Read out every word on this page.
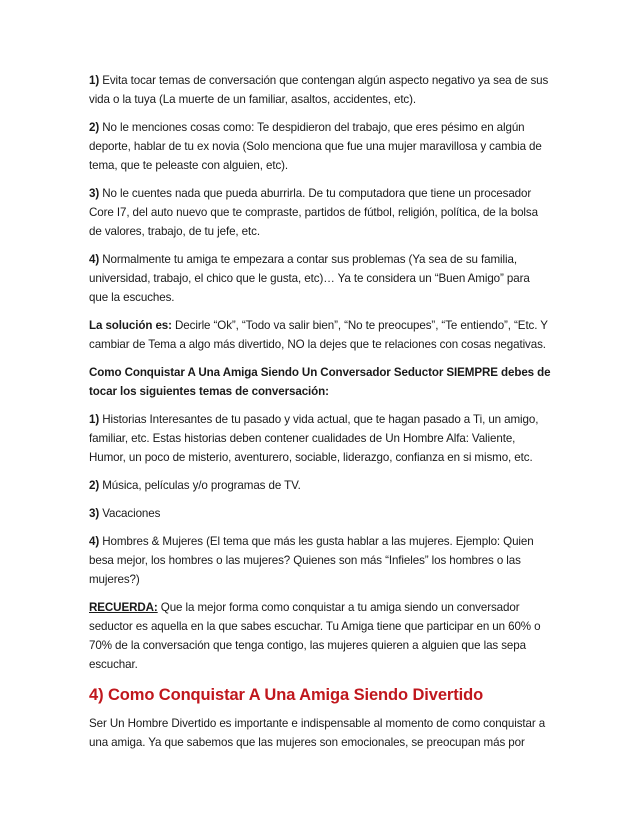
1) Evita tocar temas de conversación que contengan algún aspecto negativo ya sea de sus vida o la tuya (La muerte de un familiar, asaltos, accidentes, etc).

2) No le menciones cosas como: Te despidieron del trabajo, que eres pésimo en algún deporte, hablar de tu ex novia (Solo menciona que fue una mujer maravillosa y cambia de tema, que te peleaste con alguien, etc).

3) No le cuentes nada que pueda aburrirla. De tu computadora que tiene un procesador Core I7, del auto nuevo que te compraste, partidos de fútbol, religión, política, de la bolsa de valores, trabajo, de tu jefe, etc.

4) Normalmente tu amiga te empezara a contar sus problemas (Ya sea de su familia, universidad, trabajo, el chico que le gusta, etc)… Ya te considera un “Buen Amigo” para que la escuches.

La solución es: Decirle “Ok”, “Todo va salir bien”, “No te preocupes”, “Te entiendo”, “Etc. Y cambiar de Tema a algo más divertido, NO la dejes que te relaciones con cosas negativas.

Como Conquistar A Una Amiga Siendo Un Conversador Seductor SIEMPRE debes de tocar los siguientes temas de conversación:

1) Historias Interesantes de tu pasado y vida actual, que te hagan pasado a Ti, un amigo, familiar, etc. Estas historias deben contener cualidades de Un Hombre Alfa: Valiente, Humor, un poco de misterio, aventurero, sociable, liderazgo, confianza en si mismo, etc.

2) Música, películas y/o programas de TV.

3) Vacaciones

4) Hombres & Mujeres (El tema que más les gusta hablar a las mujeres. Ejemplo: Quien besa mejor, los hombres o las mujeres? Quienes son más “Infieles” los hombres o las mujeres?)

RECUERDA: Que la mejor forma como conquistar a tu amiga siendo un conversador seductor es aquella en la que sabes escuchar. Tu Amiga tiene que participar en un 60% o 70% de la conversación que tenga contigo, las mujeres quieren a alguien que las sepa escuchar.

4) Como Conquistar A Una Amiga Siendo Divertido

Ser Un Hombre Divertido es importante e indispensable al momento de como conquistar a una amiga. Ya que sabemos que las mujeres son emocionales, se preocupan más por
